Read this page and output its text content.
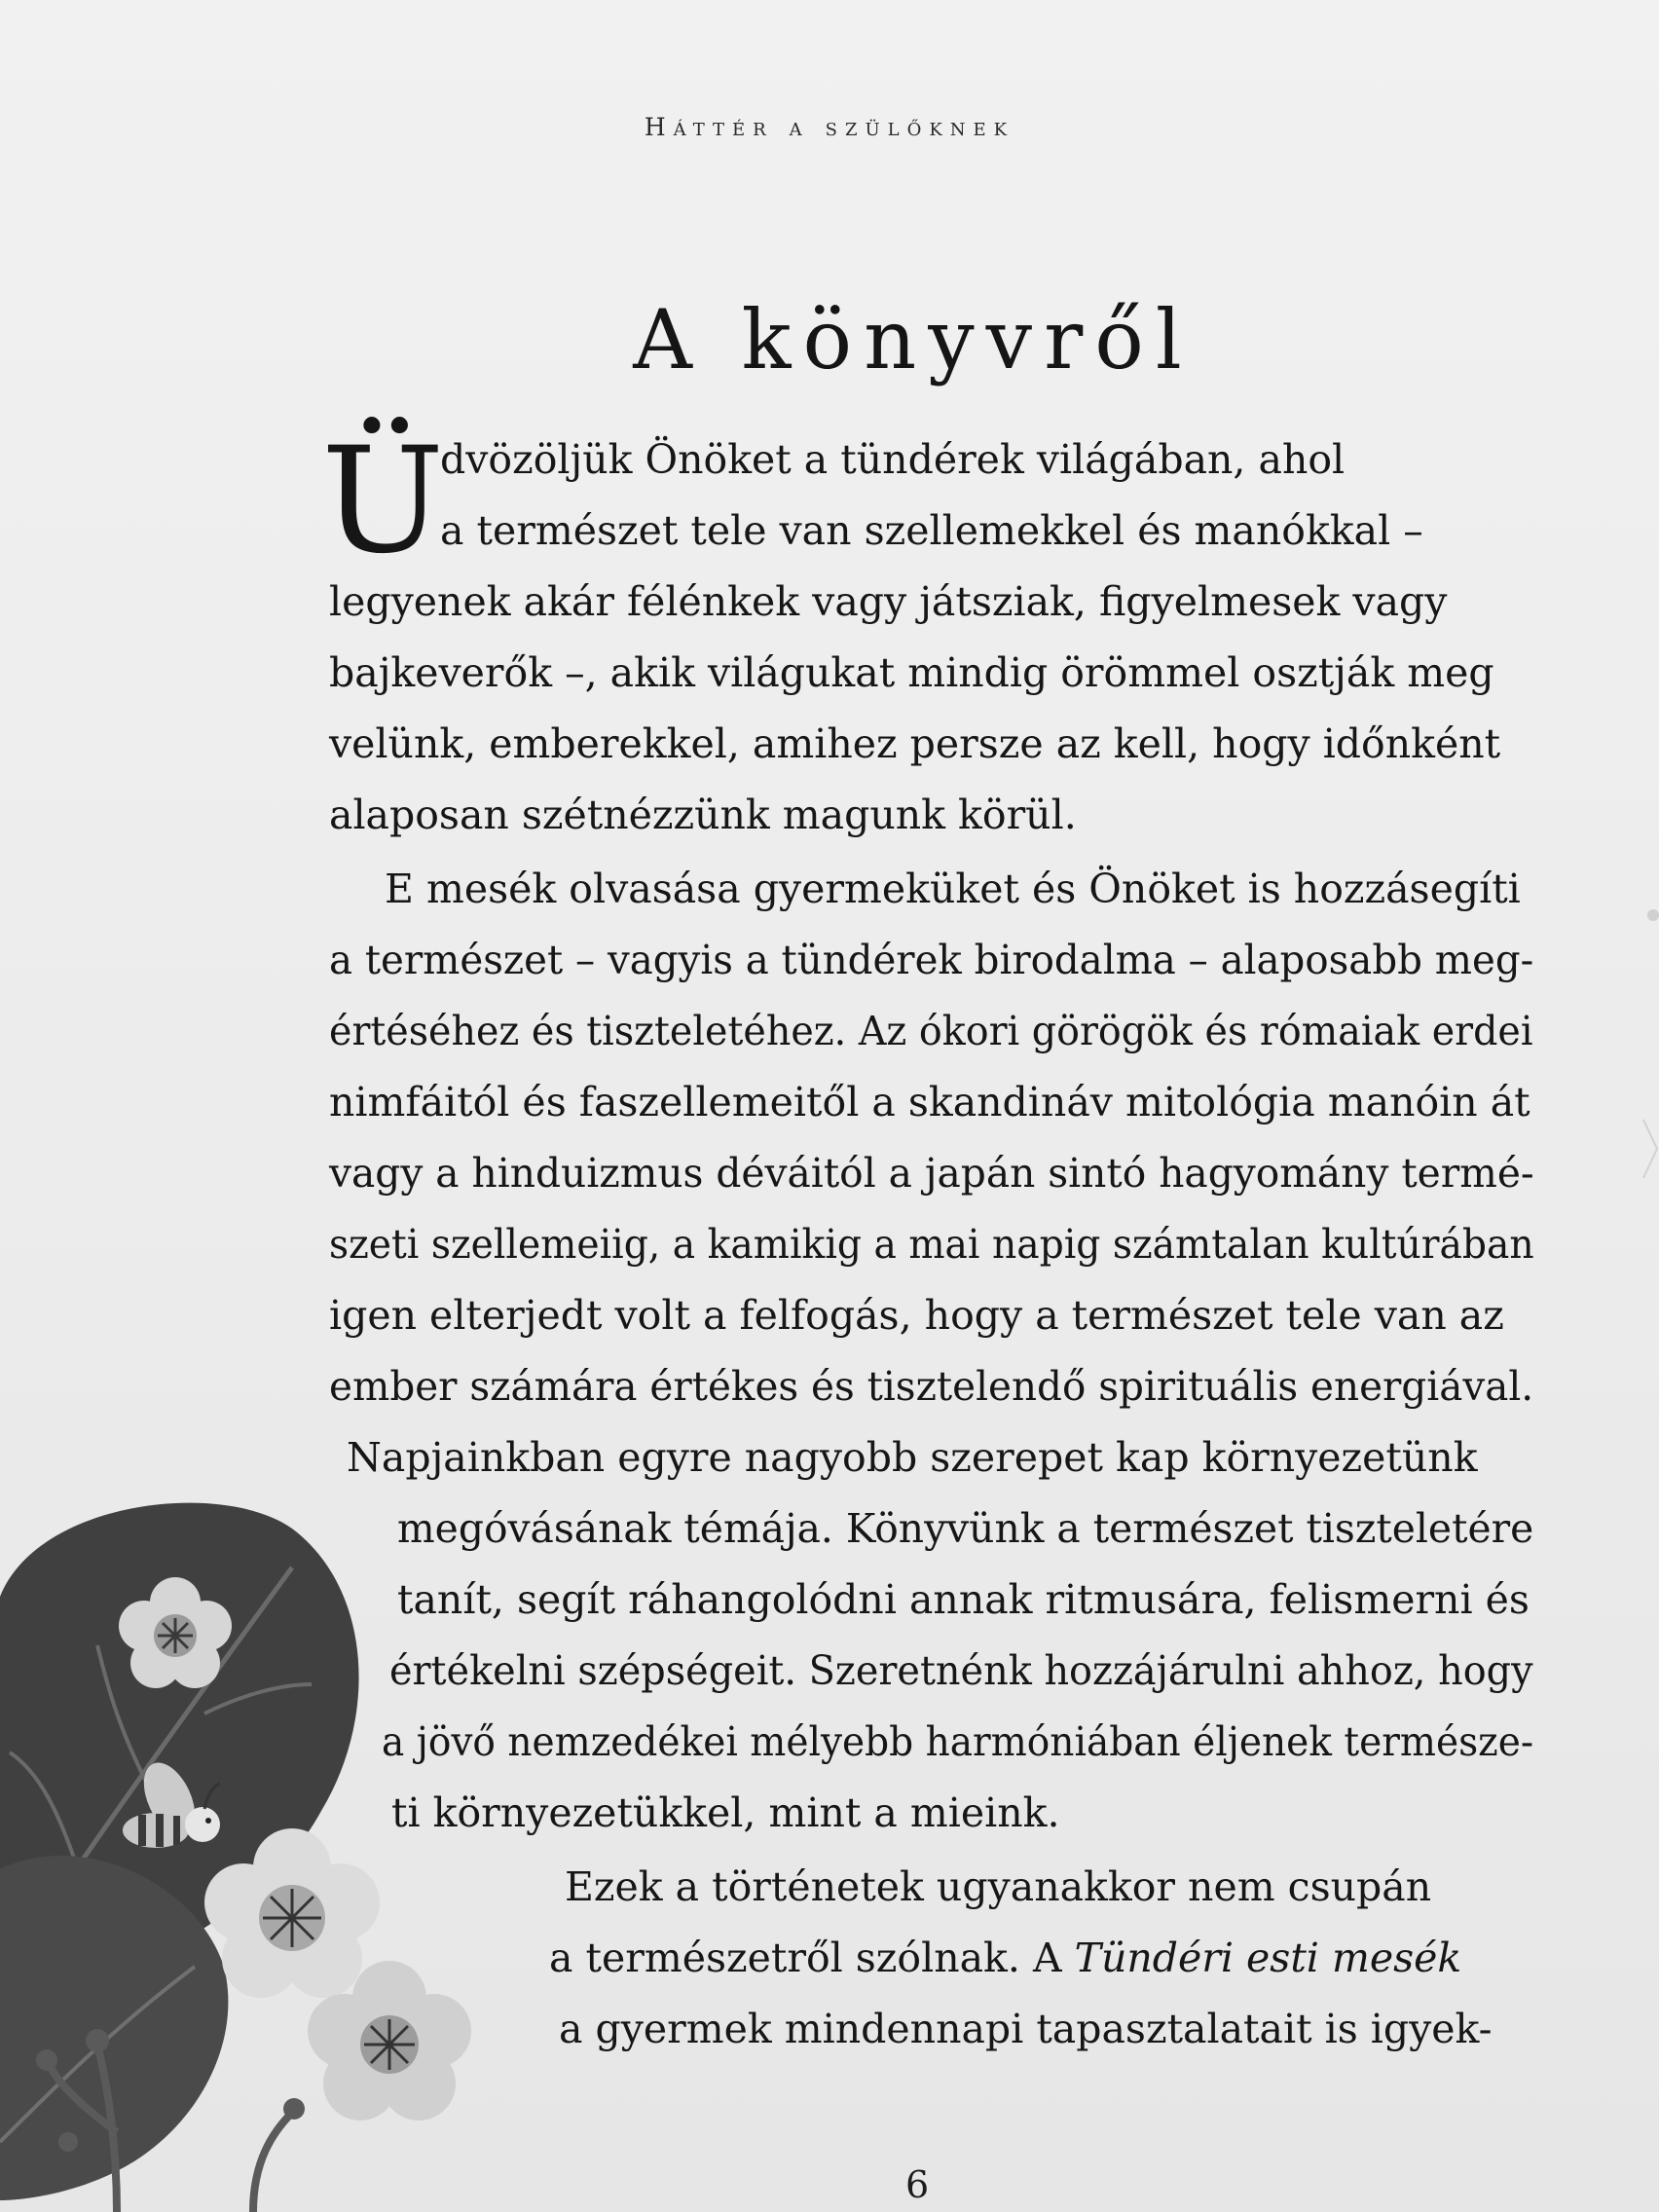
Háttér a szülőknek
A könyvről
Ü
dvözöljük Önöket a tündérek világában, ahol
a természet tele van szellemekkel és manókkal –
legyenek akár félénkek vagy játsziak, figyelmesek vagy
bajkeverők –, akik világukat mindig örömmel osztják meg
velünk, emberekkel, amihez persze az kell, hogy időnként
alaposan szétnézzünk magunk körül.
E mesék olvasása gyermeküket és Önöket is hozzásegíti
a természet – vagyis a tündérek birodalma – alaposabb meg-
értéséhez és tiszteletéhez. Az ókori görögök és rómaiak erdei
nimfáitól és faszellemeitől a skandináv mitológia manóin át
vagy a hinduizmus déváitól a japán sintó hagyomány termé-
szeti szellemeiig, a kamikig a mai napig számtalan kultúrában
igen elterjedt volt a felfogás, hogy a természet tele van az
ember számára értékes és tisztelendő spirituális energiával.
Napjainkban egyre nagyobb szerepet kap környezetünk
megóvásának témája. Könyvünk a természet tiszteletére
tanít, segít ráhangolódni annak ritmusára, felismerni és
értékelni szépségeit. Szeretnénk hozzájárulni ahhoz, hogy
a jövő nemzedékei mélyebb harmóniában éljenek természe-
ti környezetükkel, mint a mieink.
Ezek a történetek ugyanakkor nem csupán
a természetről szólnak. A Tündéri esti mesék
a gyermek mindennapi tapasztalatait is igyek-
6
